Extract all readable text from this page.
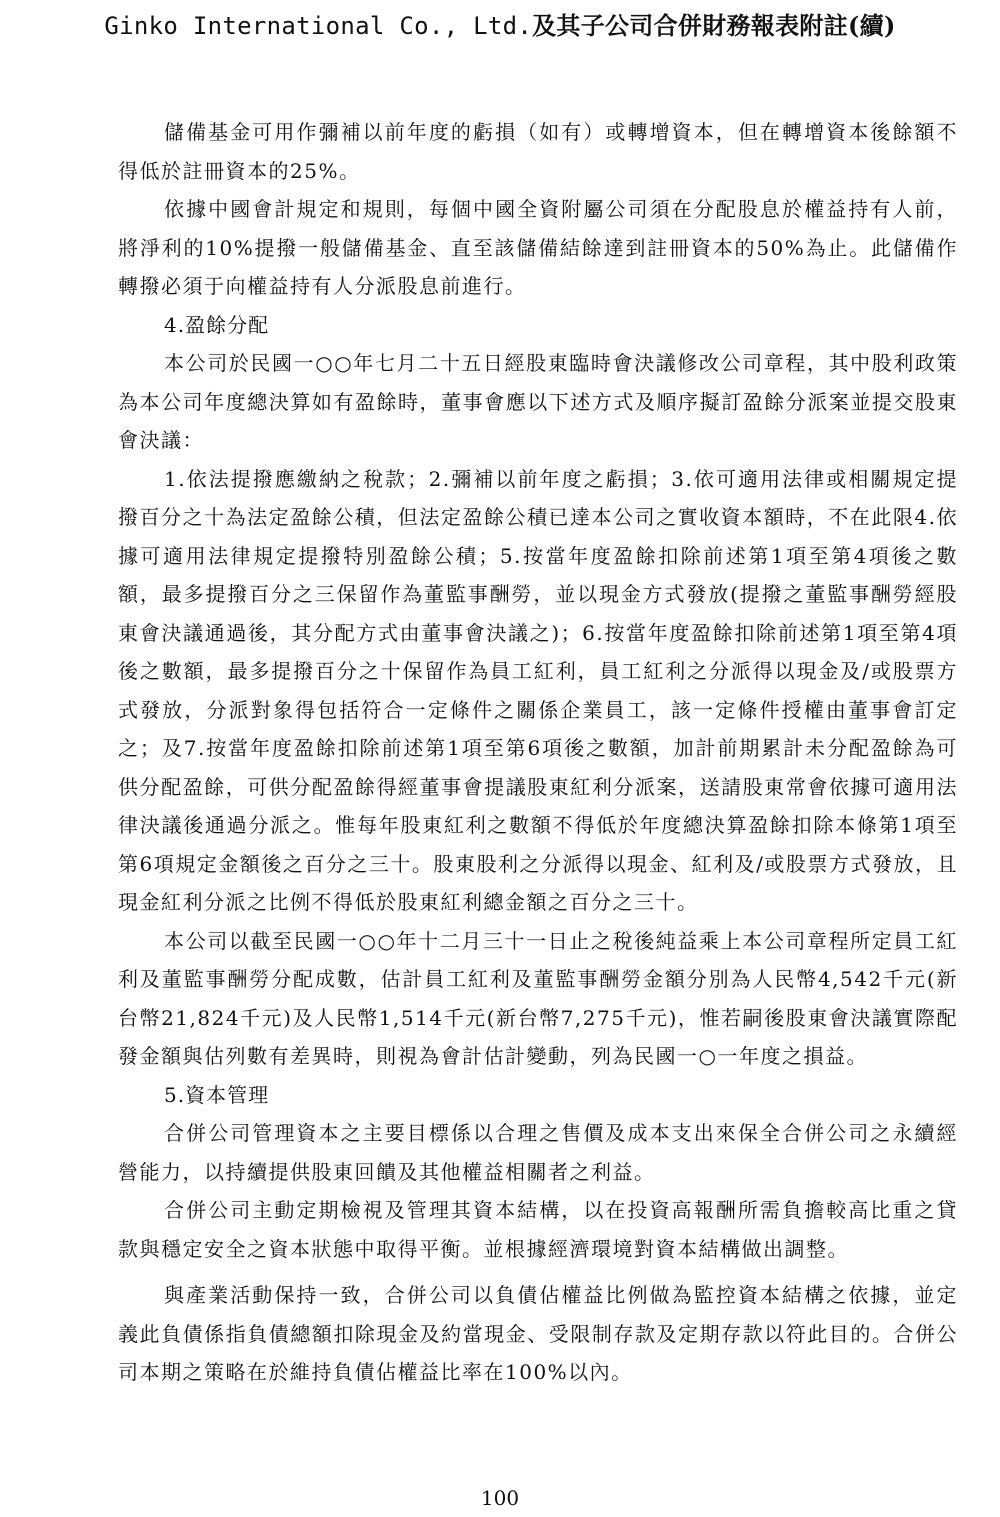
Ginko International Co., Ltd.及其子公司合併財務報表附註(續)

儲備基金可用作彌補以前年度的虧損（如有）或轉增資本，但在轉增資本後餘額不得低於註冊資本的25%。

依據中國會計規定和規則，每個中國全資附屬公司須在分配股息於權益持有人前，將淨利的10%提撥一般儲備基金、直至該儲備結餘達到註冊資本的50%為止。此儲備作轉撥必須于向權益持有人分派股息前進行。

4.盈餘分配

本公司於民國一○○年七月二十五日經股東臨時會決議修改公司章程，其中股利政策為本公司年度總決算如有盈餘時，董事會應以下述方式及順序擬訂盈餘分派案並提交股東會決議：

1.依法提撥應繳納之稅款；2.彌補以前年度之虧損；3.依可適用法律或相關規定提撥百分之十為法定盈餘公積，但法定盈餘公積已達本公司之實收資本額時，不在此限4.依據可適用法律規定提撥特別盈餘公積；5.按當年度盈餘扣除前述第1項至第4項後之數額，最多提撥百分之三保留作為董監事酬勞，並以現金方式發放(提撥之董監事酬勞經股東會決議通過後，其分配方式由董事會決議之)；6.按當年度盈餘扣除前述第1項至第4項後之數額，最多提撥百分之十保留作為員工紅利，員工紅利之分派得以現金及/或股票方式發放，分派對象得包括符合一定條件之關係企業員工，該一定條件授權由董事會訂定之；及7.按當年度盈餘扣除前述第1項至第6項後之數額，加計前期累計未分配盈餘為可供分配盈餘，可供分配盈餘得經董事會提議股東紅利分派案，送請股東常會依據可適用法律決議後通過分派之。惟每年股東紅利之數額不得低於年度總決算盈餘扣除本條第1項至第6項規定金額後之百分之三十。股東股利之分派得以現金、紅利及/或股票方式發放，且現金紅利分派之比例不得低於股東紅利總金額之百分之三十。

本公司以截至民國一○○年十二月三十一日止之稅後純益乘上本公司章程所定員工紅利及董監事酬勞分配成數，估計員工紅利及董監事酬勞金額分別為人民幣4,542千元(新台幣21,824千元)及人民幣1,514千元(新台幣7,275千元)，惟若嗣後股東會決議實際配發金額與估列數有差異時，則視為會計估計變動，列為民國一○一年度之損益。

5.資本管理

合併公司管理資本之主要目標係以合理之售價及成本支出來保全合併公司之永續經營能力，以持續提供股東回饋及其他權益相關者之利益。

合併公司主動定期檢視及管理其資本結構，以在投資高報酬所需負擔較高比重之貸款與穩定安全之資本狀態中取得平衡。並根據經濟環境對資本結構做出調整。

與產業活動保持一致，合併公司以負債佔權益比例做為監控資本結構之依據，並定義此負債係指負債總額扣除現金及約當現金、受限制存款及定期存款以符此目的。合併公司本期之策略在於維持負債佔權益比率在100%以內。

100
